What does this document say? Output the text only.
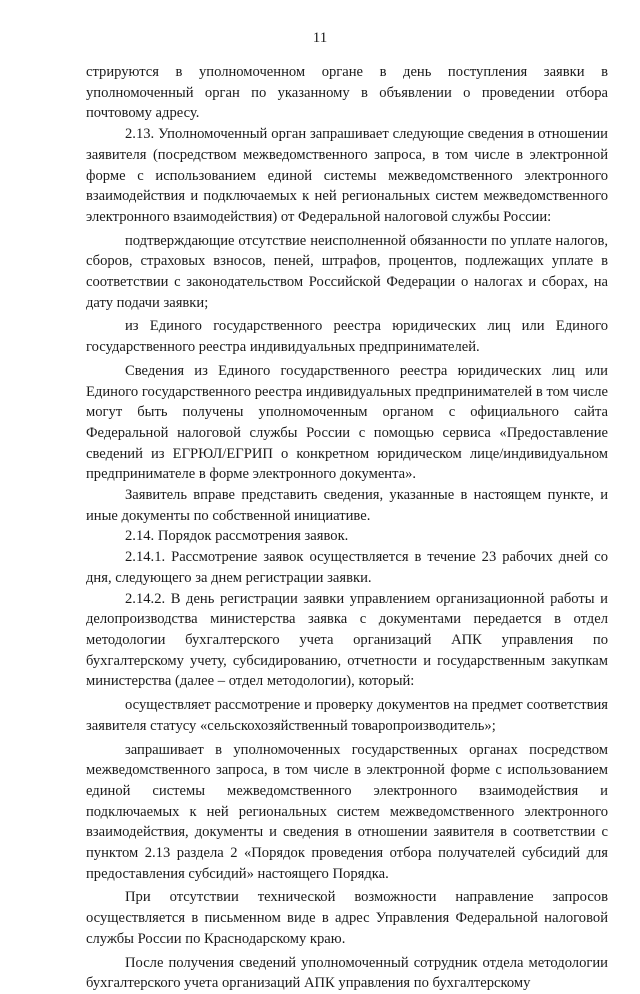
11

стрируются в уполномоченном органе в день поступления заявки в уполномоченный орган по указанному в объявлении о проведении отбора почтовому адресу.

2.13. Уполномоченный орган запрашивает следующие сведения в отношении заявителя (посредством межведомственного запроса, в том числе в электронной форме с использованием единой системы межведомственного электронного взаимодействия и подключаемых к ней региональных систем межведомственного электронного взаимодействия) от Федеральной налоговой службы России:

подтверждающие отсутствие неисполненной обязанности по уплате налогов, сборов, страховых взносов, пеней, штрафов, процентов, подлежащих уплате в соответствии с законодательством Российской Федерации о налогах и сборах, на дату подачи заявки;

из Единого государственного реестра юридических лиц или Единого государственного реестра индивидуальных предпринимателей.

Сведения из Единого государственного реестра юридических лиц или Единого государственного реестра индивидуальных предпринимателей в том числе могут быть получены уполномоченным органом с официального сайта Федеральной налоговой службы России с помощью сервиса «Предоставление сведений из ЕГРЮЛ/ЕГРИП о конкретном юридическом лице/индивидуальном предпринимателе в форме электронного документа».

Заявитель вправе представить сведения, указанные в настоящем пункте, и иные документы по собственной инициативе.

2.14. Порядок рассмотрения заявок.

2.14.1. Рассмотрение заявок осуществляется в течение 23 рабочих дней со дня, следующего за днем регистрации заявки.

2.14.2. В день регистрации заявки управлением организационной работы и делопроизводства министерства заявка с документами передается в отдел методологии бухгалтерского учета организаций АПК управления по бухгалтерскому учету, субсидированию, отчетности и государственным закупкам министерства (далее – отдел методологии), который:

осуществляет рассмотрение и проверку документов на предмет соответствия заявителя статусу «сельскохозяйственный товаропроизводитель»;

запрашивает в уполномоченных государственных органах посредством межведомственного запроса, в том числе в электронной форме с использованием единой системы межведомственного электронного взаимодействия и подключаемых к ней региональных систем межведомственного электронного взаимодействия, документы и сведения в отношении заявителя в соответствии с пунктом 2.13 раздела 2 «Порядок проведения отбора получателей субсидий для предоставления субсидий» настоящего Порядка.

При отсутствии технической возможности направление запросов осуществляется в письменном виде в адрес Управления Федеральной налоговой службы России по Краснодарскому краю.

После получения сведений уполномоченный сотрудник отдела методологии бухгалтерского учета организаций АПК управления по бухгалтерскому
